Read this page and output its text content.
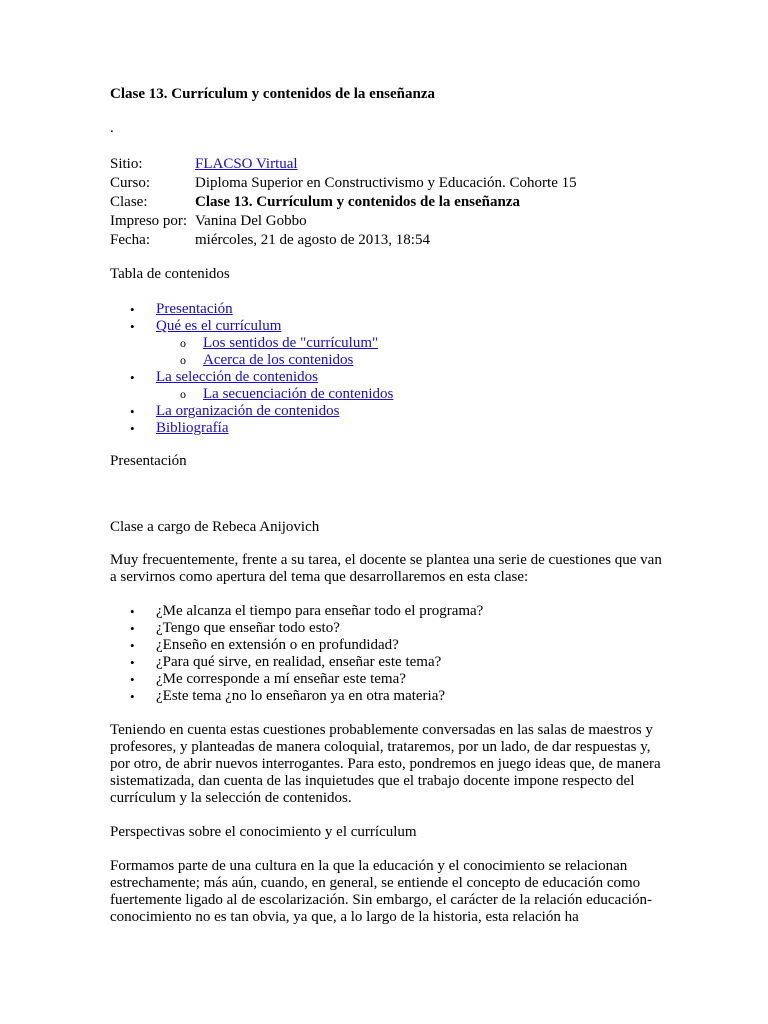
Clase 13. Currículum y contenidos de la enseñanza

.
Sitio:	FLACSO Virtual
Curso:	Diploma Superior en Constructivismo y Educación. Cohorte 15
Clase:	Clase 13. Currículum y contenidos de la enseñanza
Impreso por:	Vanina Del Gobbo
Fecha:	miércoles, 21 de agosto de 2013, 18:54
Tabla de contenidos
• Presentación
• Qué es el currículum
o Los sentidos de "currículum"
o Acerca de los contenidos
• La selección de contenidos
o La secuenciación de contenidos
• La organización de contenidos
• Bibliografía

Presentación

Clase a cargo de Rebeca Anijovich

Muy frecuentemente, frente a su tarea, el docente se plantea una serie de cuestiones que van a servirnos como apertura del tema que desarrollaremos en esta clase:

• ¿Me alcanza el tiempo para enseñar todo el programa?
• ¿Tengo que enseñar todo esto?
• ¿Enseño en extensión o en profundidad?
• ¿Para qué sirve, en realidad, enseñar este tema?
• ¿Me corresponde a mí enseñar este tema?
• ¿Este tema ¿no lo enseñaron ya en otra materia?

Teniendo en cuenta estas cuestiones probablemente conversadas en las salas de maestros y profesores, y planteadas de manera coloquial, trataremos, por un lado, de dar respuestas y, por otro, de abrir nuevos interrogantes. Para esto, pondremos en juego ideas que, de manera sistematizada, dan cuenta de las inquietudes que el trabajo docente impone respecto del currículum y la selección de contenidos.

Perspectivas sobre el conocimiento y el currículum

Formamos parte de una cultura en la que la educación y el conocimiento se relacionan estrechamente; más aún, cuando, en general, se entiende el concepto de educación como fuertemente ligado al de escolarización. Sin embargo, el carácter de la relación educación-conocimiento no es tan obvia, ya que, a lo largo de la historia, esta relación ha
